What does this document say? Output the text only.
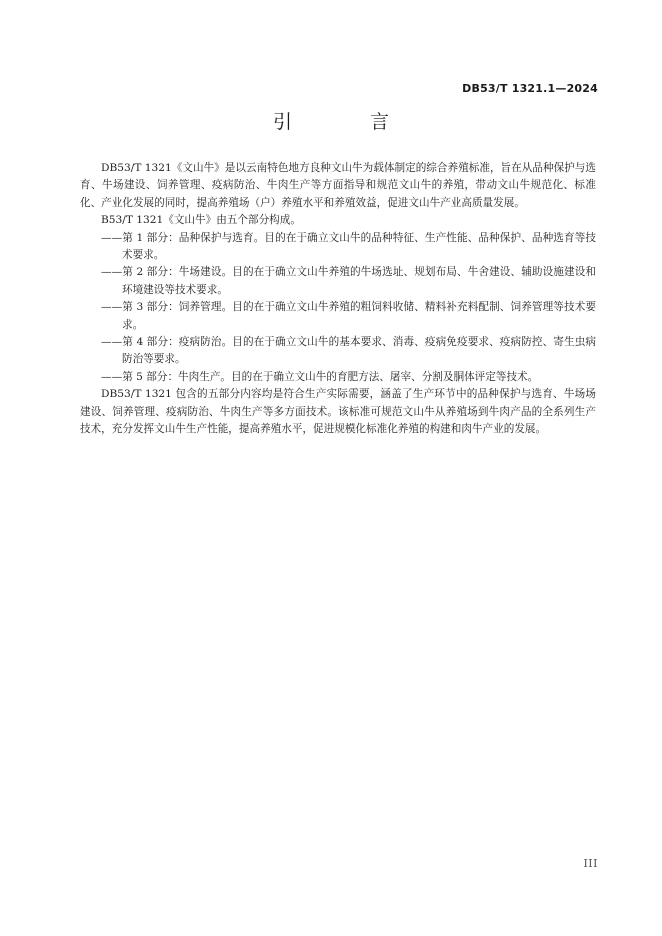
DB53/T 1321.1—2024
引 言

DB53/T 1321《文山牛》是以云南特色地方良种文山牛为载体制定的综合养殖标准，旨在从品种保护与选育、牛场建设、饲养管理、疫病防治、牛肉生产等方面指导和规范文山牛的养殖，带动文山牛规范化、标准化、产业化发展的同时，提高养殖场（户）养殖水平和养殖效益，促进文山牛产业高质量发展。

B53/T 1321《文山牛》由五个部分构成。

——第 1 部分：品种保护与选育。目的在于确立文山牛的品种特征、生产性能、品种保护、品种选育等技术要求。

——第 2 部分：牛场建设。目的在于确立文山牛养殖的牛场选址、规划布局、牛舍建设、辅助设施建设和环境建设等技术要求。

——第 3 部分：饲养管理。目的在于确立文山牛养殖的粗饲料收储、精料补充料配制、饲养管理等技术要求。

——第 4 部分：疫病防治。目的在于确立文山牛的基本要求、消毒、疫病免疫要求、疫病防控、寄生虫病防治等要求。

——第 5 部分：牛肉生产。目的在于确立文山牛的育肥方法、屠宰、分割及胴体评定等技术。

DB53/T 1321 包含的五部分内容均是符合生产实际需要，涵盖了生产环节中的品种保护与选育、牛场场建设、饲养管理、疫病防治、牛肉生产等多方面技术。该标准可规范文山牛从养殖场到牛肉产品的全系列生产技术，充分发挥文山牛生产性能，提高养殖水平，促进规模化标准化养殖的构建和肉牛产业的发展。

III
